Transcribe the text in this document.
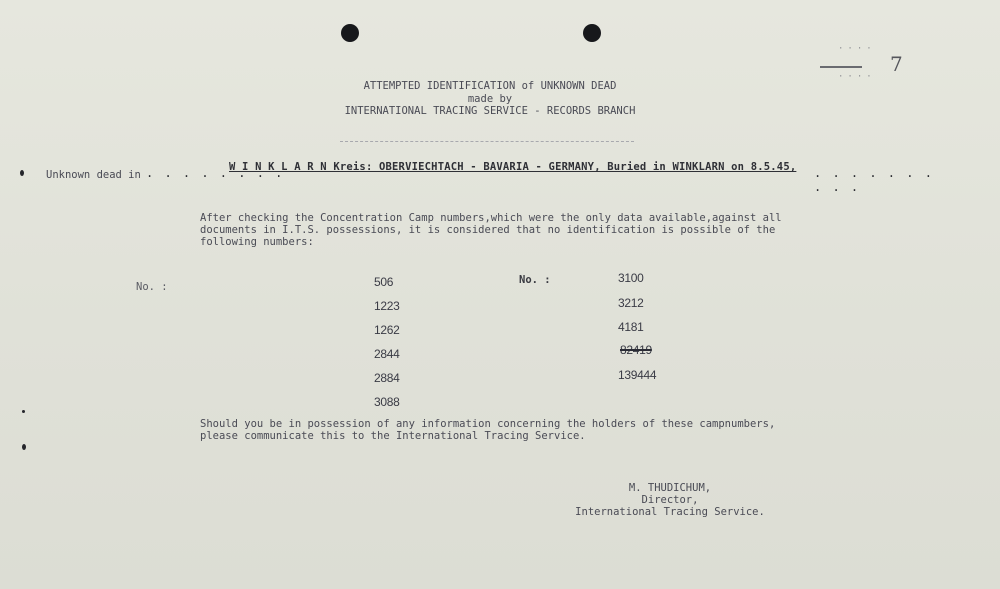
····
····
7
ATTEMPTED IDENTIFICATION of UNKNOWN DEAD
made by
INTERNATIONAL TRACING SERVICE - RECORDS BRANCH
Unknown dead in . . . . . . . .
W I N K L A R N Kreis: OBERVIECHTACH - BAVARIA - GERMANY, Buried in WINKLARN on 8.5.45, . . . . . . . . . .
After checking the Concentration Camp numbers,which were the only data available,against all
documents in I.T.S. possessions, it is considered that no identification is possible of the
following numbers:
No. :
No. :
506
1223
1262
2844
2884
3088
3100
3212
4181
82419
139444
Should you be in possession of any information concerning the holders of these campnumbers,
please communicate this to the International Tracing Service.
M. THUDICHUM,
Director,
International Tracing Service.
